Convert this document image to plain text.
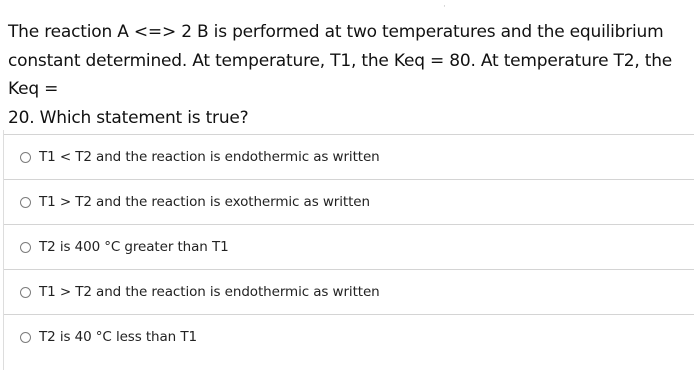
·
The reaction A <=> 2 B is performed at two temperatures and the equilibrium
constant determined. At temperature, T1, the Keq = 80. At temperature T2, the Keq =
20. Which statement is true?
T1 < T2 and the reaction is endothermic as written
T1 > T2 and the reaction is exothermic as written
T2 is 400 °C greater than T1
T1 > T2 and the reaction is endothermic as written
T2 is 40 °C less than T1
